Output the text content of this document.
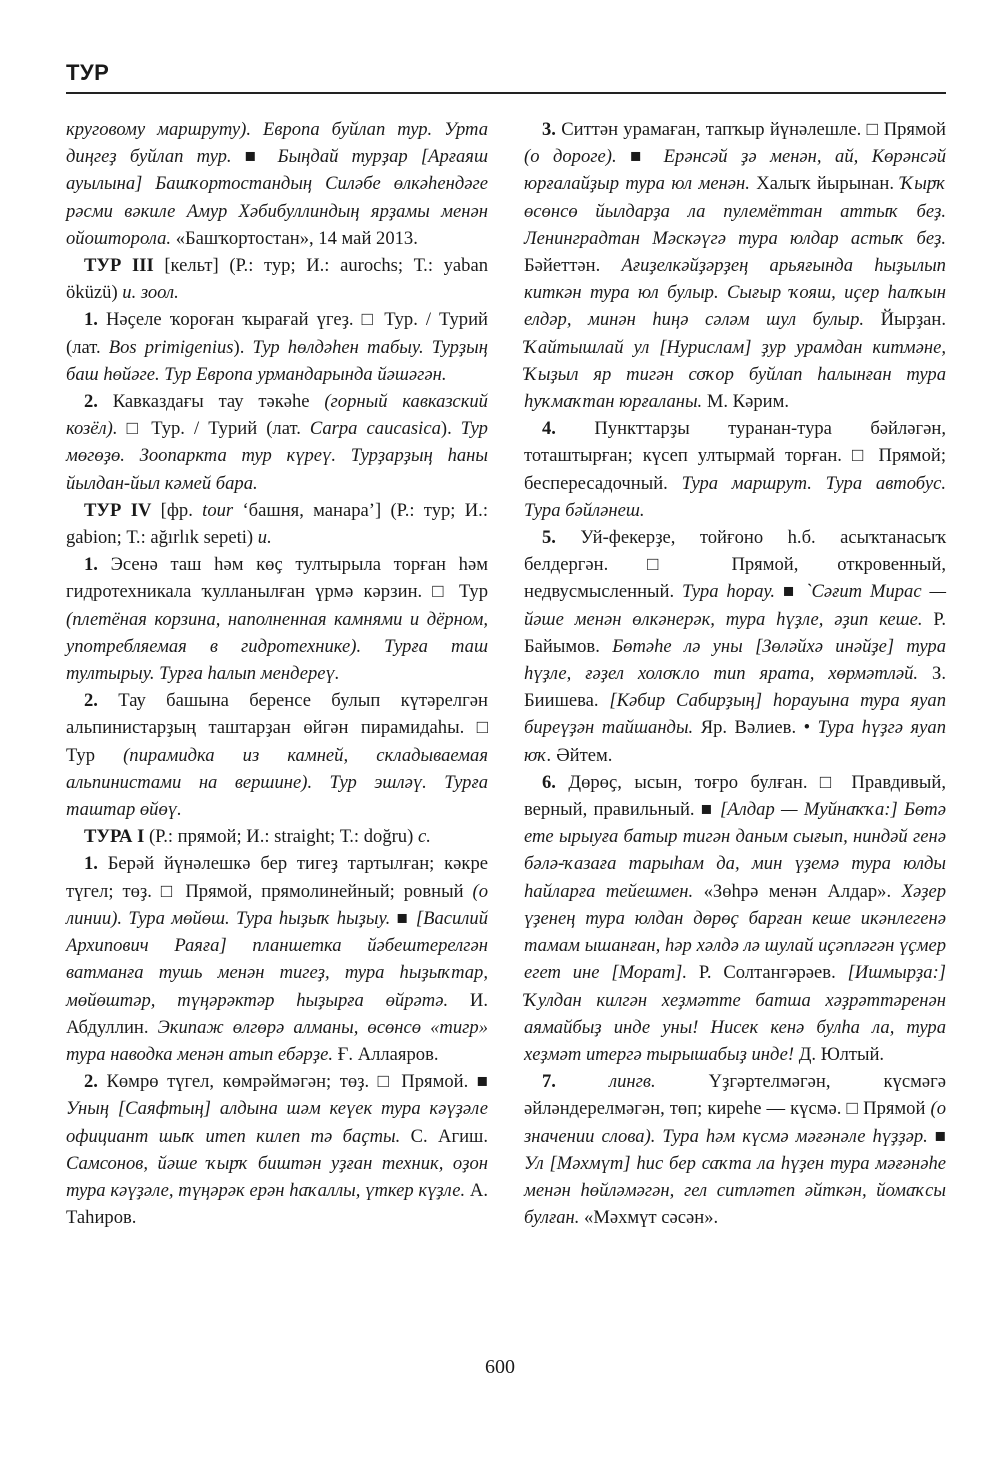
ТУР

круговому маршруту). Европа буйлап тур. Урта диңгеҙ буйлап тур. ■ Быңдай турҙар [Арғаяш ауылына] Башҡортостандың Силәбе өлкәһендәге рәсми вәкиле Амур Хәбибуллиндың ярҙамы менән ойошторола. «Башҡортостан», 14 май 2013.

ТУР III [кельт] (Р.: тур; И.: aurochs; Т.: yaban öküzü) и. зоол.

1. Нәҫеле ҡороған ҡырағай үгеҙ. □ Тур. / Турий (лат. Bos primigenius). Тур һөлдәһен табыу. Турҙың баш һөйәге. Тур Европа урмандарында йәшәгән.

2. Кавказдағы тау тәкәһе (горный кавказский козёл). □ Тур. / Турий (лат. Carpa caucasica). Тур мөгөҙө. Зоопаркта тур күреү. Турҙарҙың һаны йылдан-йыл кәмей бара.

ТУР IV [фр. tour ‘башня, манара’] (Р.: тур; И.: gabion; Т.: ağırlık sepeti) и.

1. Эсенә таш һәм көҫ тултырыла торған һәм гидротехникала ҡулланылған үрмә кәрзин. □ Тур (плетёная корзина, наполненная камнями и дёрном, употребляемая в гидротехнике). Турға таш тултырыу. Турға һалып мендереү.

2. Тау башына беренсе булып күтәрелгән альпинистарҙың таштарҙан өйгән пирамидаһы. □ Тур (пирамидка из камней, складываемая альпинистами на вершине). Тур эшләү. Турға таштар өйөү.

ТУРА I (Р.: прямой; И.: straight; Т.: doğru) с.

1. Берәй йүнәлешкә бер тигеҙ тартылған; кәкре түгел; төҙ. □ Прямой, прямолинейный; ровный (о линии). Тура мөйөш. Тура һыҙыҡ һыҙыу. ■ [Василий Архипович Раяға] планшетка йәбештерелгән ватманға тушь менән тигеҙ, тура һыҙыҡтар, мөйөштәр, түңәрәктәр һыҙырға өйрәтә. И. Абдуллин. Экипаж өлгөрә алманы, өсөнсө «тигр» тура наводка менән атып ебәрҙе. Ғ. Аллаяров.

2. Көмрө түгел, көмрәймәгән; төҙ. □ Прямой. ■ Уның [Саяфтың] алдына шәм кеүек тура кәүҙәле официант шыҡ итеп килеп тә баҫты. С. Агиш. Самсонов, йәше ҡырҡ биштән уҙған техник, оҙон тура кәүҙәле, түңәрәк ерән һаҡаллы, үткер күҙле. А. Таһиров.

3. Ситтән урамаған, тапҡыр йүнәлешле. □ Прямой (о дороге). ■ Ерәнсәй ҙә менән, ай, Көрәнсәй юрғалайҙыр тура юл менән. Халыҡ йырынан. Ҡырҡ өсөнсө йылдарҙа ла пулемёттан аттыҡ беҙ. Ленинградтан Мәскәүгә тура юлдар астыҡ беҙ. Бәйеттән. Ағиҙелкәйҙәрҙең арьяғында һыҙылып киткән тура юл булыр. Сығыр ҡояш, иҫер һалҡын елдәр, минән һиңә сәләм шул булыр. Йырҙан. Ҡайтышлай ул [Нурислам] ҙур урамдан китмәне, Ҡыҙыл яр тигән соҡор буйлап һалынған тура һуҡмаҡтан юрғаланы. М. Кәрим.

4. Пункттарҙы туранан-тура бәйләгән, тоташтырған; күсеп ултырмай торған. □ Прямой; беспересадочный. Тура маршрут. Тура автобус. Тура бәйләнеш.

5. Уй-фекерҙе, тойғоно һ.б. асыҡтанасыҡ белдергән. □ Прямой, откровенный, недвусмысленный. Тура һорау. ■ `Сәғит Мирас — йәше менән өлкәнерәк, тура һүҙле, әҙип кеше. Р. Байымов. Бөтәһе лә уны [Зөләйхә инәйҙе] тура һүҙле, ғәҙел холоҡло тип ярата, хөрмәтләй. З. Биишева. [Кәбир Сабирҙың] һорауына тура яуап биреүҙән тайшанды. Яр. Вәлиев. • Тура һүҙгә яуап юҡ. Әйтем.

6. Дөрөҫ, ысын, тоғро булған. □ Правдивый, верный, правильный. ■ [Алдар — Муйнаҡҡа:] Бөтә ете ырыуға батыр тигән даным сығып, ниндәй генә бәлә-ҡазаға тарыһам да, мин үҙемә тура юлды һайларға тейешмен. «Зөһрә менән Алдар». Хәҙер үҙенең тура юлдан дөрөҫ барған кеше икәнлегенә тамам ышанған, һәр хәлдә лә шулай иҫәпләгән үҫмер егет ине [Морат]. Р. Солтангәрәев. [Ишмырҙа:] Ҡулдан килгән хеҙмәтте батша хәҙрәттәренән аямайбыҙ инде уны! Нисек кенә булһа ла, тура хеҙмәт итергә тырышабыҙ инде! Д. Юлтый.

7.	лингв. Үҙгәртелмәгән, күсмәгә әйләндерелмәгән, төп; киреһе — күсмә. □ Прямой (о значении слова). Тура һәм күсмә мәғәнәле һүҙҙәр. ■ Ул [Мәхмүт] һис бер саҡта ла һүҙен тура мәғәнәһе менән һөйләмәгән, гел ситләтеп әйткән, йомаҡсы булған. «Мәхмүт сәсән».

600
